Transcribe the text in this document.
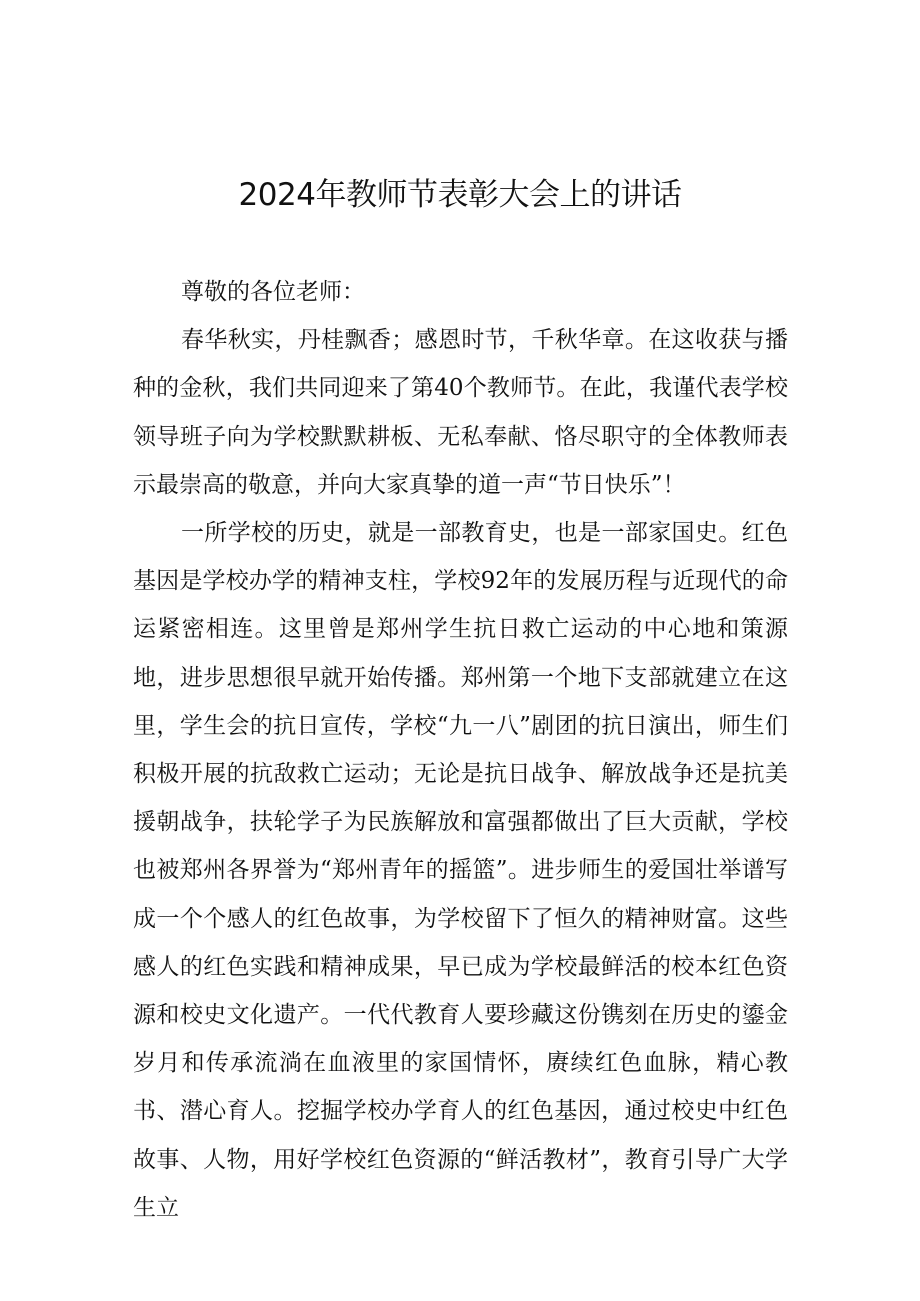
2024年教师节表彰大会上的讲话

尊敬的各位老师：

春华秋实，丹桂飘香；感恩时节，千秋华章。在这收获与播种的金秋，我们共同迎来了第40个教师节。在此，我谨代表学校领导班子向为学校默默耕板、无私奉献、恪尽职守的全体教师表示最崇高的敬意，并向大家真挚的道一声“节日快乐”！

一所学校的历史，就是一部教育史，也是一部家国史。红色基因是学校办学的精神支柱，学校92年的发展历程与近现代的命运紧密相连。这里曾是郑州学生抗日救亡运动的中心地和策源地，进步思想很早就开始传播。郑州第一个地下支部就建立在这里，学生会的抗日宣传，学校“九一八”剧团的抗日演出，师生们积极开展的抗敌救亡运动；无论是抗日战争、解放战争还是抗美援朝战争，扶轮学子为民族解放和富强都做出了巨大贡献，学校也被郑州各界誉为“郑州青年的摇篮”。进步师生的爱国壮举谱写成一个个感人的红色故事，为学校留下了恒久的精神财富。这些感人的红色实践和精神成果，早已成为学校最鲜活的校本红色资源和校史文化遗产。一代代教育人要珍藏这份镌刻在历史的鎏金岁月和传承流淌在血液里的家国情怀，赓续红色血脉，精心教书、潜心育人。挖掘学校办学育人的红色基因，通过校史中红色故事、人物，用好学校红色资源的“鲜活教材”，教育引导广大学生立
